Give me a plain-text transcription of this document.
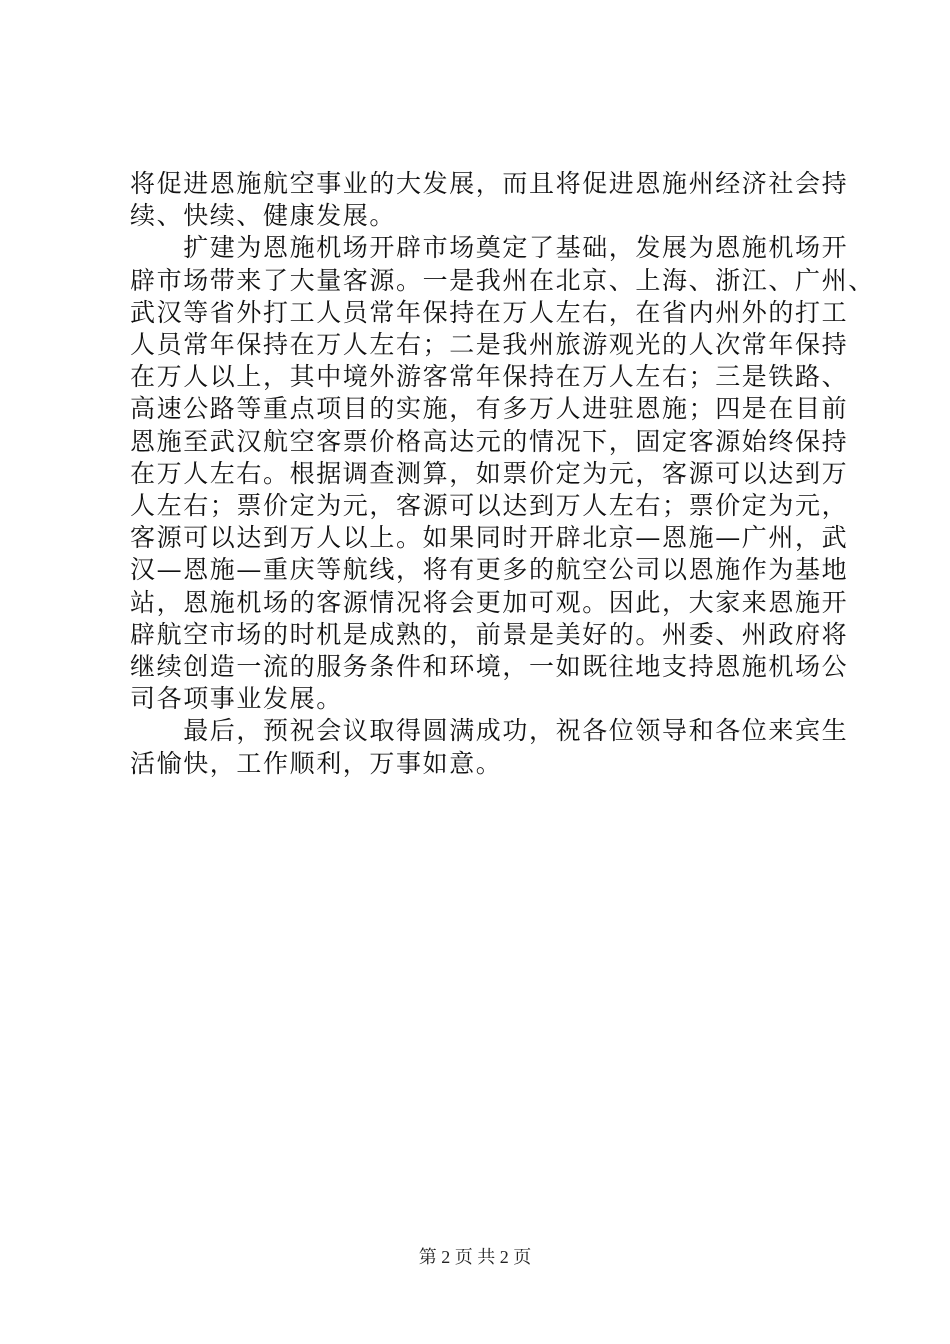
将促进恩施航空事业的大发展，而且将促进恩施州经济社会持
续、快续、健康发展。
　　扩建为恩施机场开辟市场奠定了基础，发展为恩施机场开
辟市场带来了大量客源。一是我州在北京、上海、浙江、广州、
武汉等省外打工人员常年保持在万人左右，在省内州外的打工
人员常年保持在万人左右；二是我州旅游观光的人次常年保持
在万人以上，其中境外游客常年保持在万人左右；三是铁路、
高速公路等重点项目的实施，有多万人进驻恩施；四是在目前
恩施至武汉航空客票价格高达元的情况下，固定客源始终保持
在万人左右。根据调查测算，如票价定为元，客源可以达到万
人左右；票价定为元，客源可以达到万人左右；票价定为元，
客源可以达到万人以上。如果同时开辟北京—恩施—广州，武
汉—恩施—重庆等航线，将有更多的航空公司以恩施作为基地
站，恩施机场的客源情况将会更加可观。因此，大家来恩施开
辟航空市场的时机是成熟的，前景是美好的。州委、州政府将
继续创造一流的服务条件和环境，一如既往地支持恩施机场公
司各项事业发展。
　　最后，预祝会议取得圆满成功，祝各位领导和各位来宾生
活愉快，工作顺利，万事如意。
第 2 页 共 2 页
